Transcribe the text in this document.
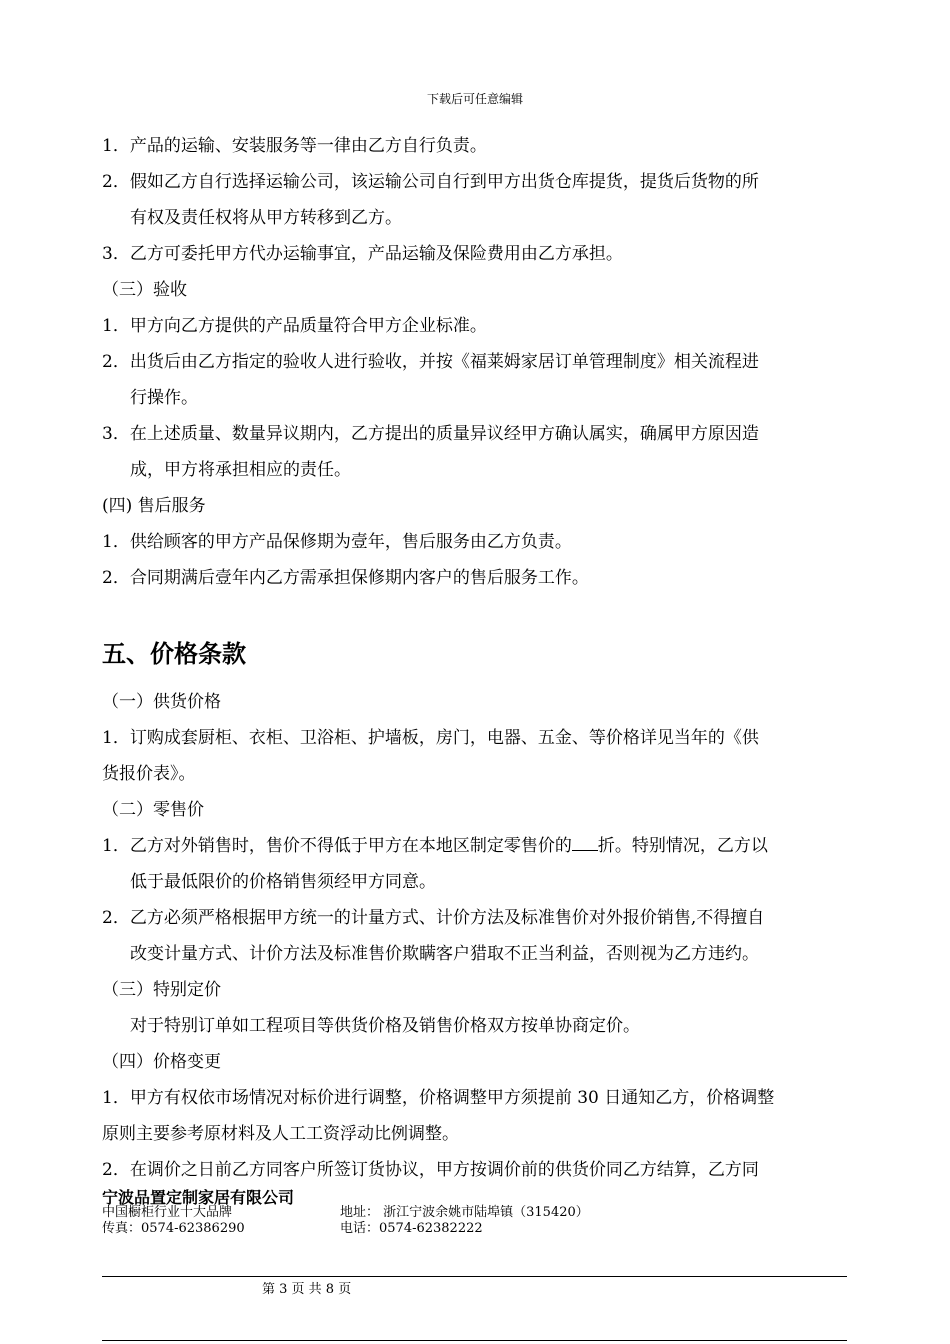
下载后可任意编辑
1．产品的运输、安装服务等一律由乙方自行负责。
2．假如乙方自行选择运输公司，该运输公司自行到甲方出货仓库提货，提货后货物的所
有权及责任权将从甲方转移到乙方。
3．乙方可委托甲方代办运输事宜，产品运输及保险费用由乙方承担。
（三）验收
1．甲方向乙方提供的产品质量符合甲方企业标准。
2．出货后由乙方指定的验收人进行验收，并按《福莱姆家居订单管理制度》相关流程进
行操作。
3．在上述质量、数量异议期内，乙方提出的质量异议经甲方确认属实，确属甲方原因造
成，甲方将承担相应的责任。
(四) 售后服务
1．供给顾客的甲方产品保修期为壹年，售后服务由乙方负责。
2．合同期满后壹年内乙方需承担保修期内客户的售后服务工作。
五、价格条款
（一）供货价格
1．订购成套厨柜、衣柜、卫浴柜、护墙板，房门，电器、五金、等价格详见当年的《供
货报价表》。
（二）零售价
1．乙方对外销售时，售价不得低于甲方在本地区制定零售价的 折。特别情况，乙方以
低于最低限价的价格销售须经甲方同意。
2．乙方必须严格根据甲方统一的计量方式、计价方法及标准售价对外报价销售,不得擅自
改变计量方式、计价方法及标准售价欺瞒客户猎取不正当利益，否则视为乙方违约。
（三）特别定价
对于特别订单如工程项目等供货价格及销售价格双方按单协商定价。
（四）价格变更
1．甲方有权依市场情况对标价进行调整，价格调整甲方须提前 30 日通知乙方，价格调整
原则主要参考原材料及人工工资浮动比例调整。
2．在调价之日前乙方同客户所签订货协议，甲方按调价前的供货价同乙方结算，乙方同
宁波品置定制家居有限公司
中国橱柜行业十大品牌
传真：0574-62386290
地址： 浙江宁波余姚市陆埠镇（315420）
电话：0574-62382222
第 3 页 共 8 页
